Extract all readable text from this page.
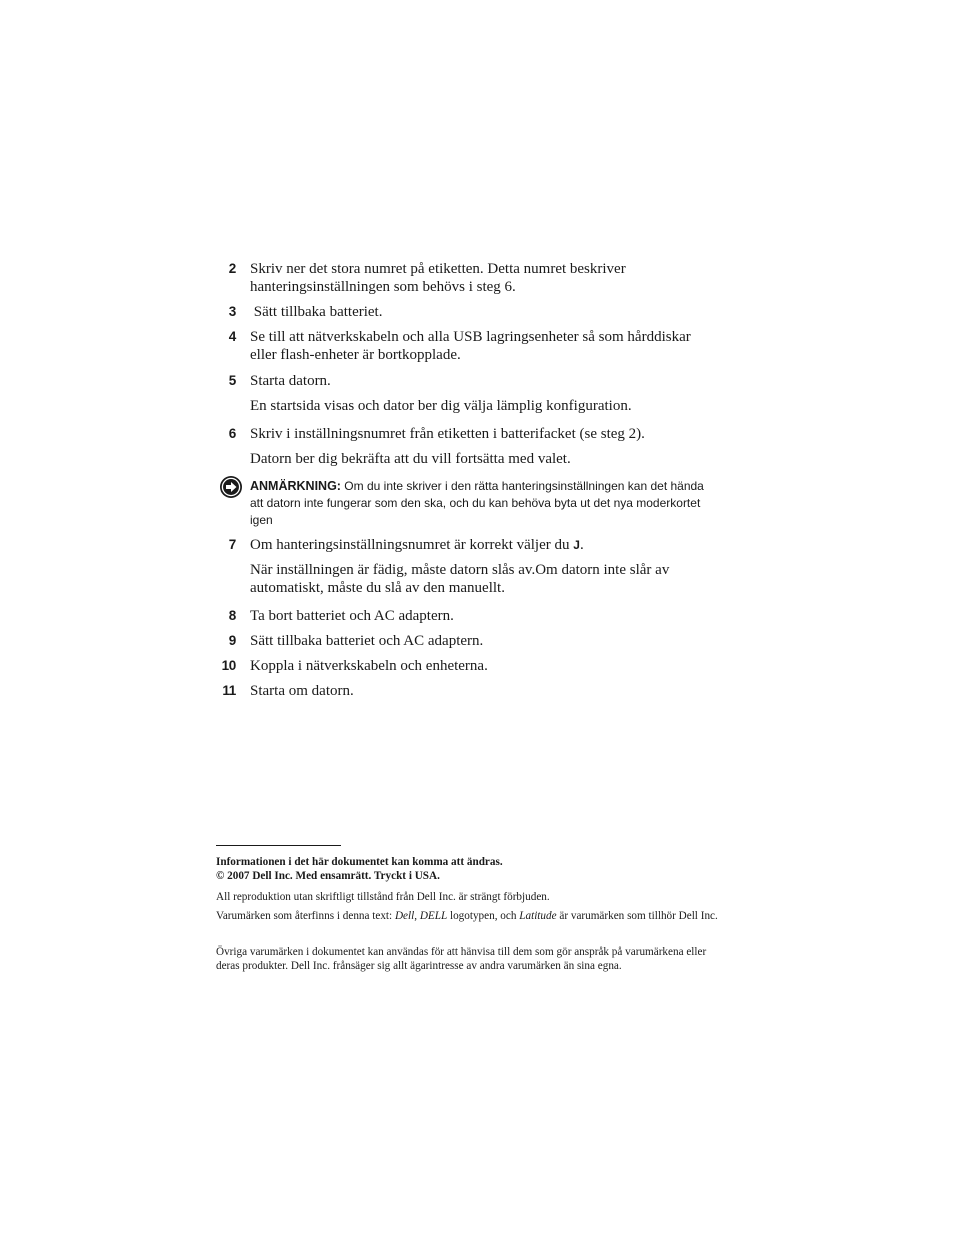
2 Skriv ner det stora numret på etiketten. Detta numret beskriver hanteringsinställningen som behövs i steg 6.
3 Sätt tillbaka batteriet.
4 Se till att nätverkskabeln och alla USB lagringsenheter så som hårddiskar eller flash-enheter är bortkopplade.
5 Starta datorn.
En startsida visas och dator ber dig välja lämplig konfiguration.
6 Skriv i inställningsnumret från etiketten i batterifacket (se steg 2).
Datorn ber dig bekräfta att du vill fortsätta med valet.
ANMÄRKNING: Om du inte skriver i den rätta hanteringsinställningen kan det hända att datorn inte fungerar som den ska, och du kan behöva byta ut det nya moderkortet igen
7 Om hanteringsinställningsnumret är korrekt väljer du J.
När inställningen är fädig, måste datorn slås av.Om datorn inte slår av automatiskt, måste du slå av den manuellt.
8 Ta bort batteriet och AC adaptern.
9 Sätt tillbaka batteriet och AC adaptern.
10 Koppla i nätverkskabeln och enheterna.
11 Starta om datorn.
Informationen i det här dokumentet kan komma att ändras.
© 2007 Dell Inc. Med ensamrätt. Tryckt i USA.
All reproduktion utan skriftligt tillstånd från Dell Inc. är strängt förbjuden.
Varumärken som återfinns i denna text: Dell, DELL logotypen, och Latitude är varumärken som tillhör Dell Inc.
Övriga varumärken i dokumentet kan användas för att hänvisa till dem som gör anspråk på varumärkena eller deras produkter. Dell Inc. frånsäger sig allt ägarintresse av andra varumärken än sina egna.
